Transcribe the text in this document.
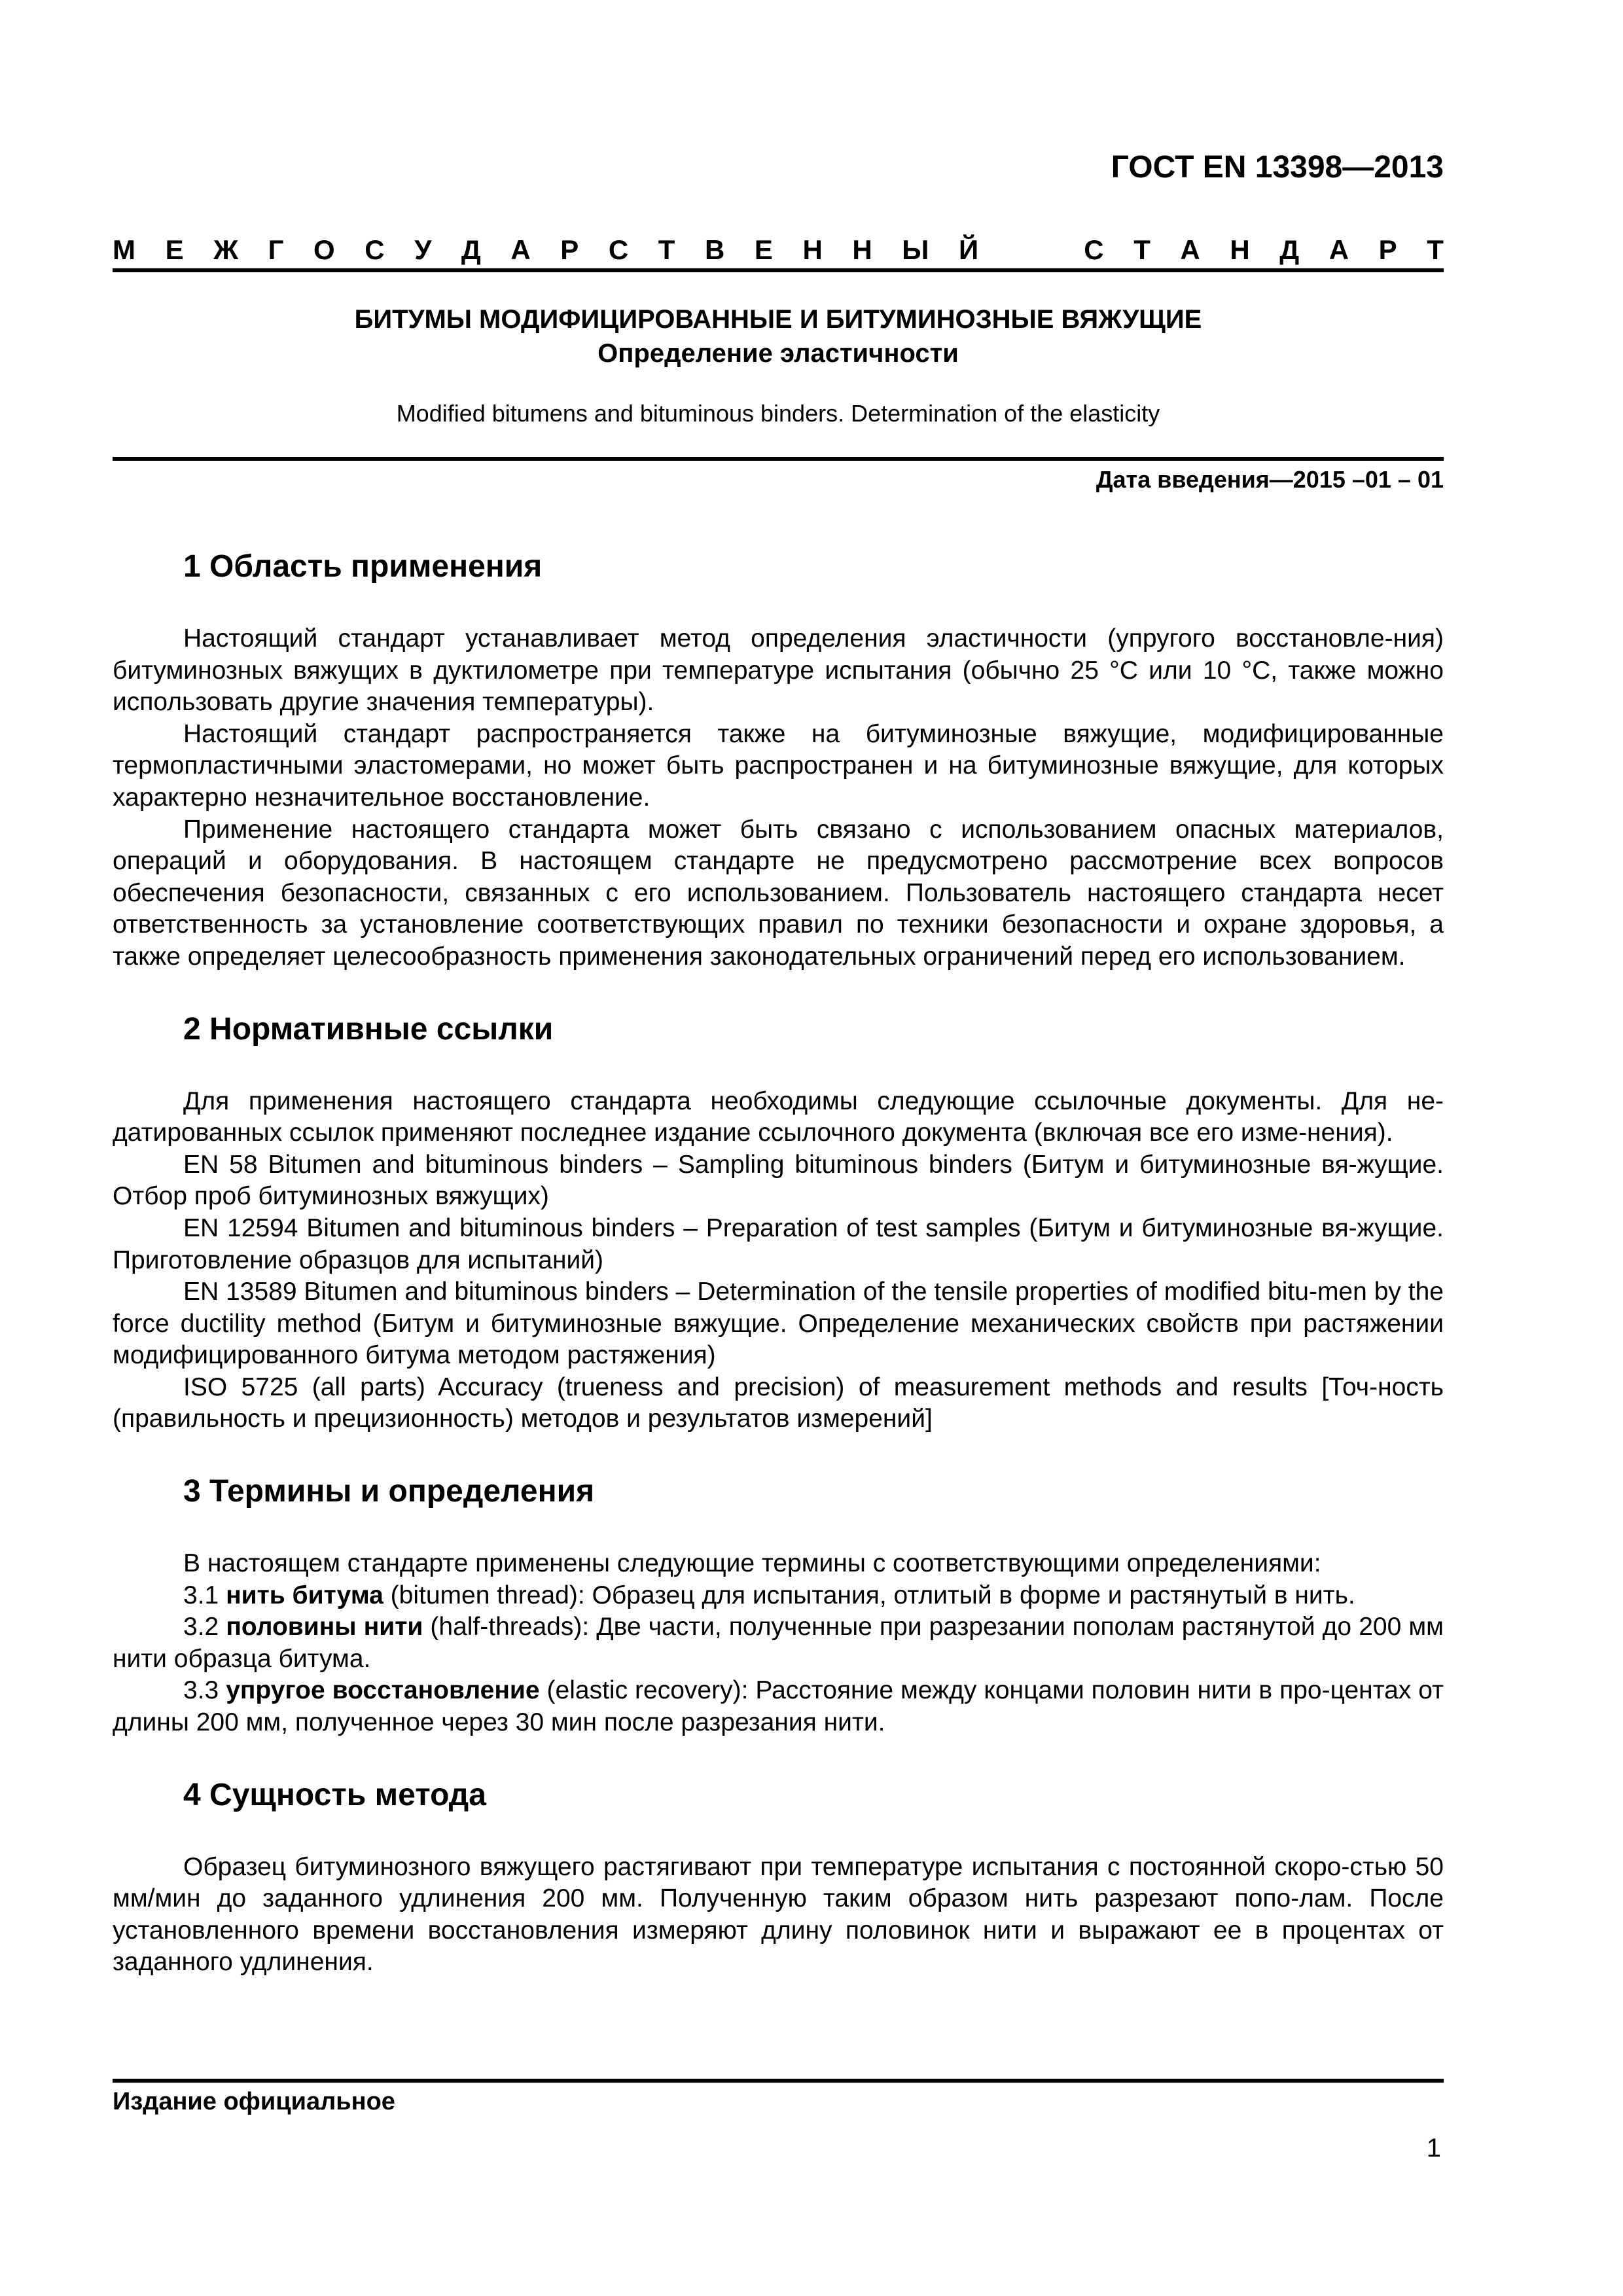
ГОСТ EN 13398—2013
М Е Ж Г О С У Д А Р С Т В Е Н Н Ы Й	С Т А Н Д А Р Т
БИТУМЫ МОДИФИЦИРОВАННЫЕ И БИТУМИНОЗНЫЕ ВЯЖУЩИЕ
Определение эластичности
Modified bitumens and bituminous binders. Determination of the elasticity
Дата введения—2015 –01 – 01
1 Область применения

Настоящий стандарт устанавливает метод определения эластичности (упругого восстановле-ния) битуминозных вяжущих в дуктилометре при температуре испытания (обычно 25 °C или 10 °C, также можно использовать другие значения температуры).

Настоящий стандарт распространяется также на битуминозные вяжущие, модифицированные термопластичными эластомерами, но может быть распространен и на битуминозные вяжущие, для которых характерно незначительное восстановление.

Применение настоящего стандарта может быть связано с использованием опасных материалов, операций и оборудования. В настоящем стандарте не предусмотрено рассмотрение всех вопросов обеспечения безопасности, связанных с его использованием. Пользователь настоящего стандарта несет ответственность за установление соответствующих правил по техники безопасности и охране здоровья, а также определяет целесообразность применения законодательных ограничений перед его использованием.

2 Нормативные ссылки

Для применения настоящего стандарта необходимы следующие ссылочные документы. Для не-датированных ссылок применяют последнее издание ссылочного документа (включая все его изме-нения).

EN 58 Bitumen and bituminous binders – Sampling bituminous binders (Битум и битуминозные вя-жущие. Отбор проб битуминозных вяжущих)

EN 12594 Bitumen and bituminous binders – Preparation of test samples (Битум и битуминозные вя-жущие. Приготовление образцов для испытаний)

EN 13589 Bitumen and bituminous binders – Determination of the tensile properties of modified bitu-men by the force ductility method (Битум и битуминозные вяжущие. Определение механических свойств при растяжении модифицированного битума методом растяжения)

ISO 5725 (all parts) Accuracy (trueness and precision) of measurement methods and results [Точ-ность (правильность и прецизионность) методов и результатов измерений]

3 Термины и определения

В настоящем стандарте применены следующие термины с соответствующими определениями:

3.1 нить битума (bitumen thread): Образец для испытания, отлитый в форме и растянутый в нить.

3.2 половины нити (half-threads): Две части, полученные при разрезании пополам растянутой до 200 мм нити образца битума.

3.3 упругое восстановление (elastic recovery): Расстояние между концами половин нити в про-центах от длины 200 мм, полученное через 30 мин после разрезания нити.

4 Сущность метода

Образец битуминозного вяжущего растягивают при температуре испытания с постоянной скоро-стью 50 мм/мин до заданного удлинения 200 мм. Полученную таким образом нить разрезают попо-лам. После установленного времени восстановления измеряют длину половинок нити и выражают ее в процентах от заданного удлинения.

Издание официальное
1
